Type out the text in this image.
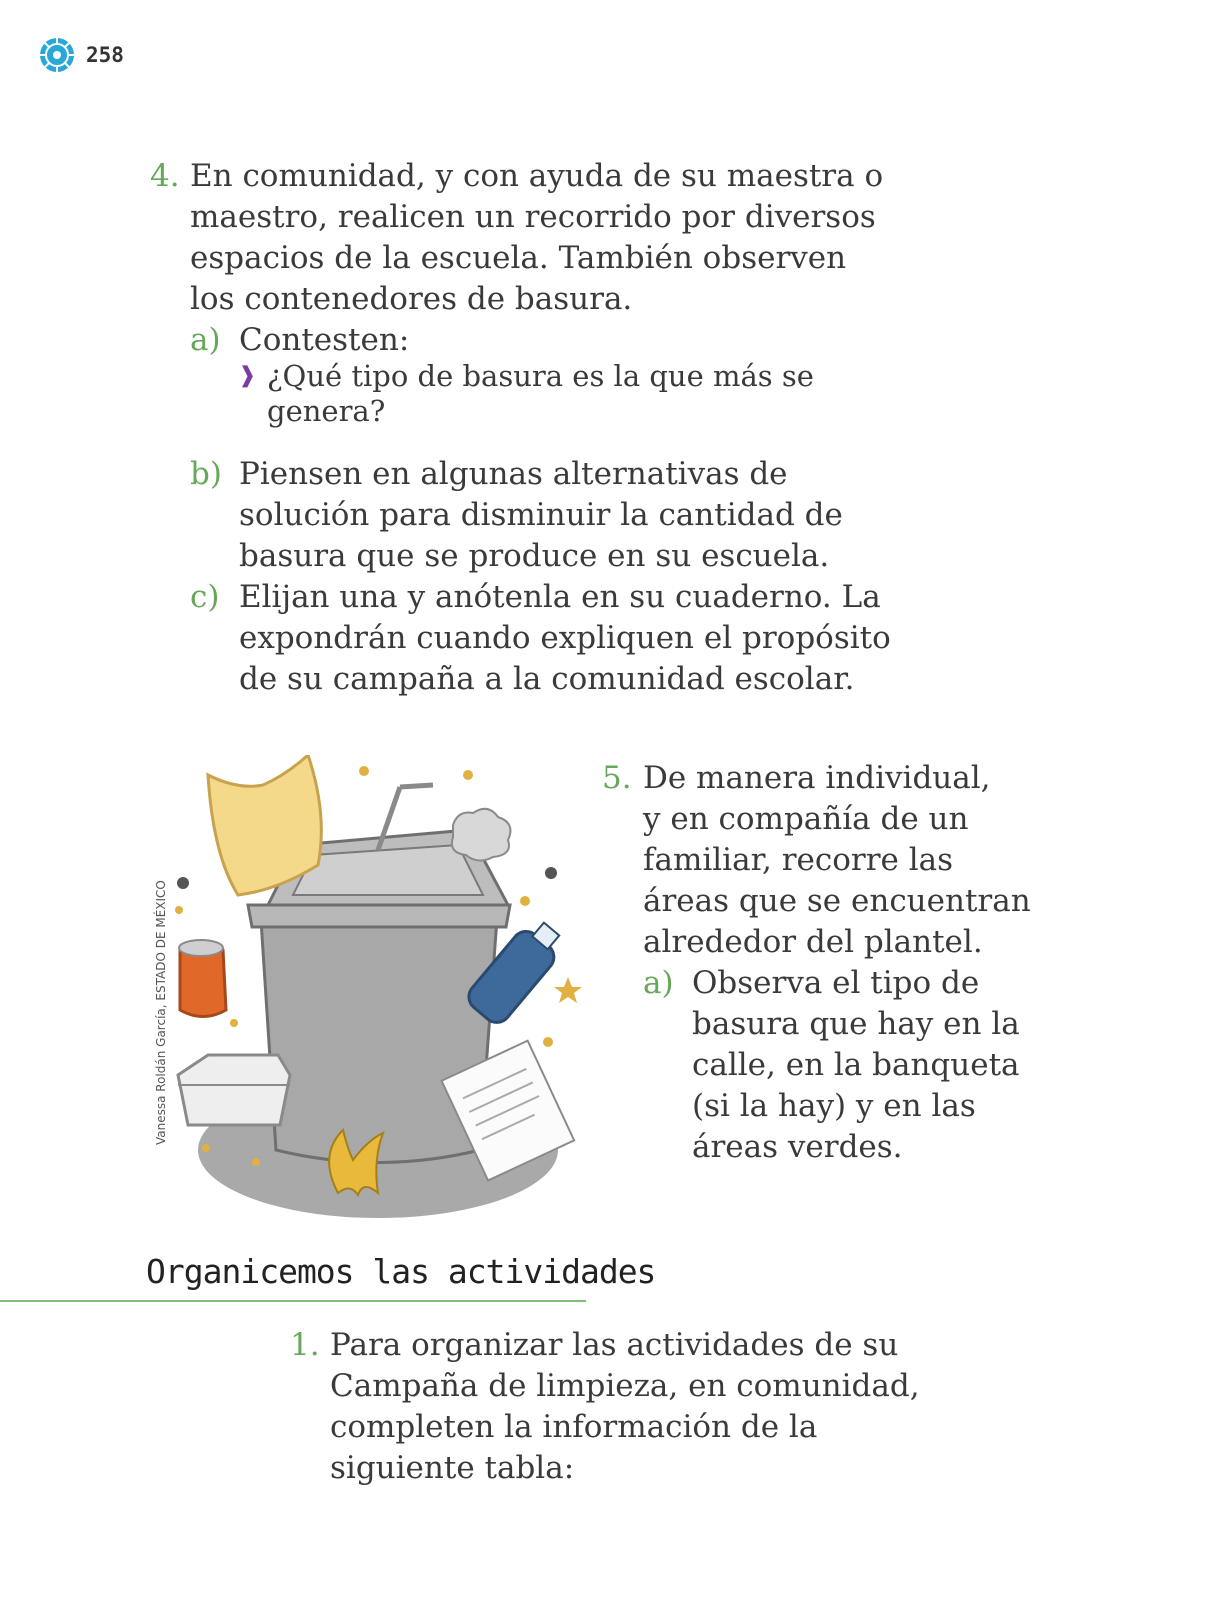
258
4. En comunidad, y con ayuda de su maestra o
maestro, realicen un recorrido por diversos
espacios de la escuela. También observen
los contenedores de basura.
a) Contesten:
❱ ¿Qué tipo de basura es la que más se
genera?
b) Piensen en algunas alternativas de
solución para disminuir la cantidad de
basura que se produce en su escuela.
c) Elijan una y anótenla en su cuaderno. La
expondrán cuando expliquen el propósito
de su campaña a la comunidad escolar.
Vanessa Roldán García, ESTADO DE MÉXICO
5. De manera individual,
y en compañía de un
familiar, recorre las
áreas que se encuentran
alrededor del plantel.
a) Observa el tipo de
basura que hay en la
calle, en la banqueta
(si la hay) y en las
áreas verdes.
Organicemos las actividades
1. Para organizar las actividades de su
Campaña de limpieza, en comunidad,
completen la información de la
siguiente tabla:
